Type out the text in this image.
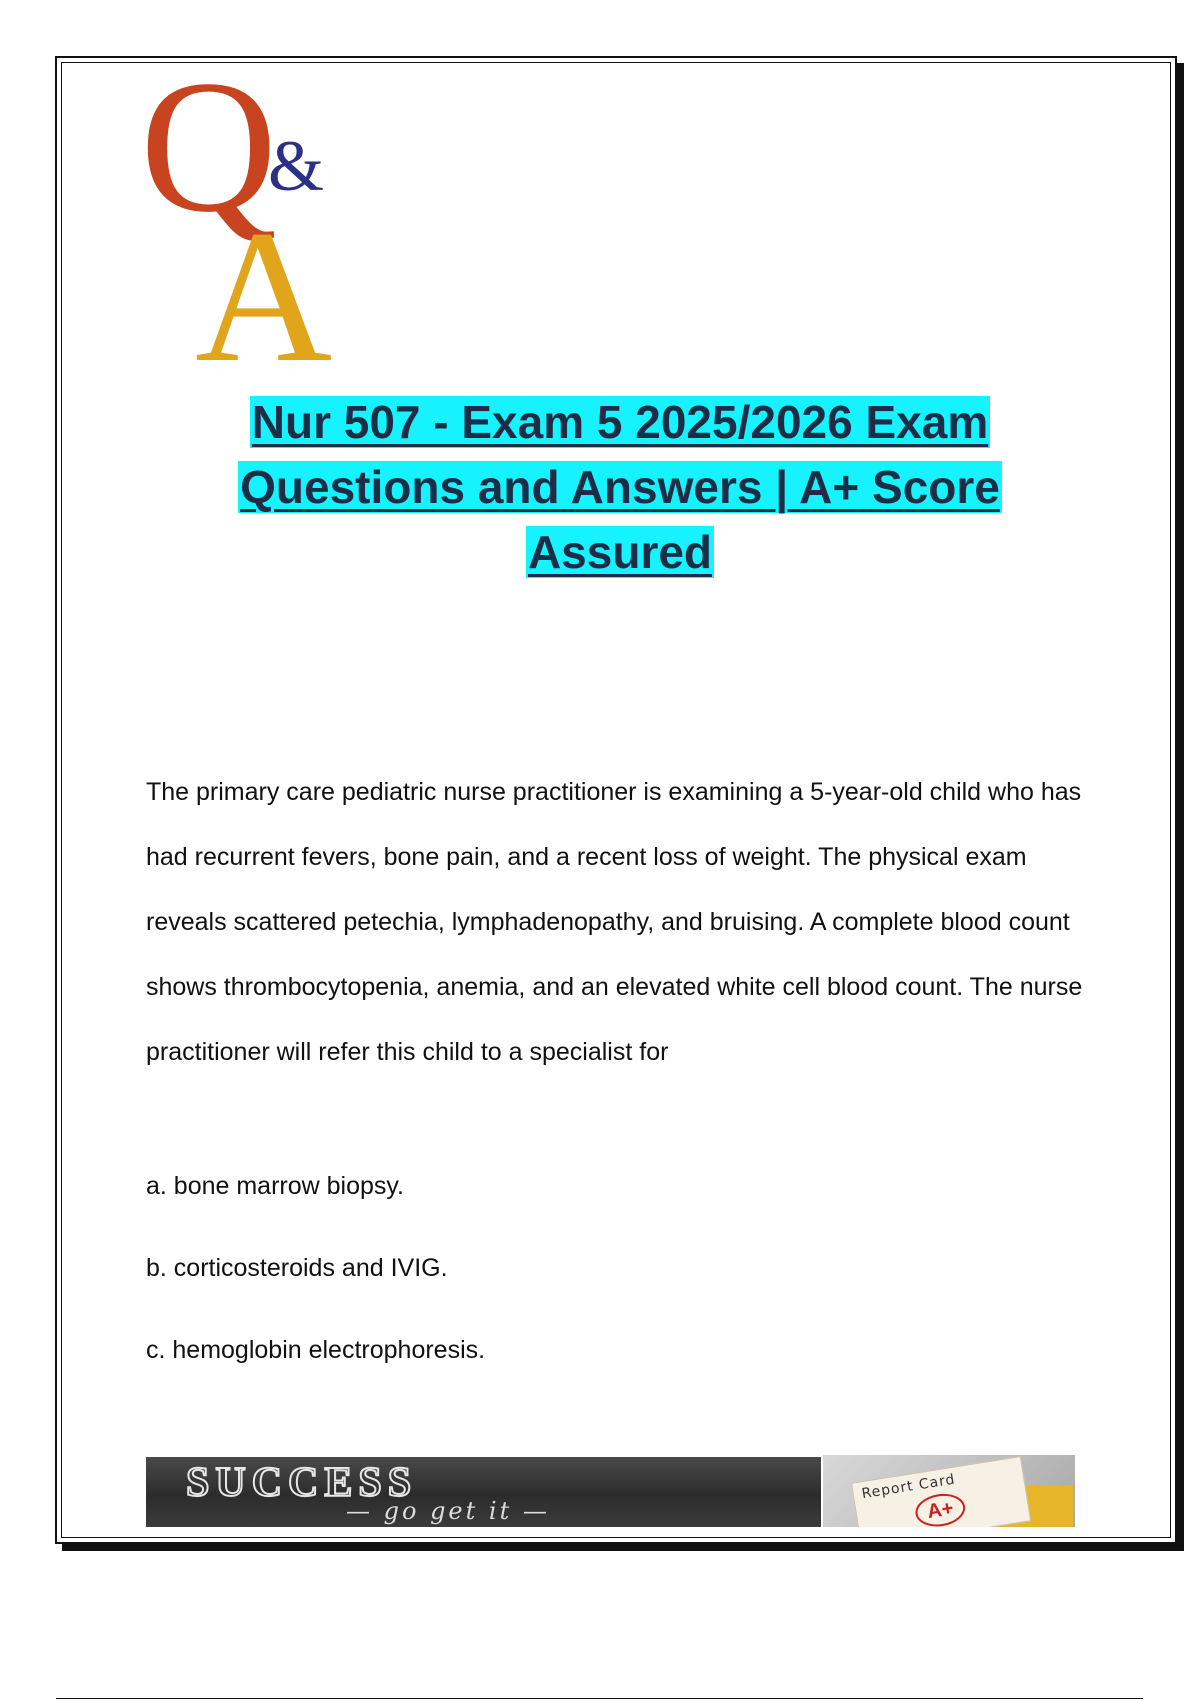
Q
&
A
Nur 507 - Exam 5 2025/2026 Exam
Questions and Answers | A+ Score
Assured

The primary care pediatric nurse practitioner is examining a 5-year-old child who has had recurrent fevers, bone pain, and a recent loss of weight. The physical exam reveals scattered petechia, lymphadenopathy, and bruising. A complete blood count shows thrombocytopenia, anemia, and an elevated white cell blood count. The nurse practitioner will refer this child to a specialist for

a. bone marrow biopsy.

b. corticosteroids and IVIG.

c. hemoglobin electrophoresis.

SUCCESS
— go get it —
Report Card
A+
